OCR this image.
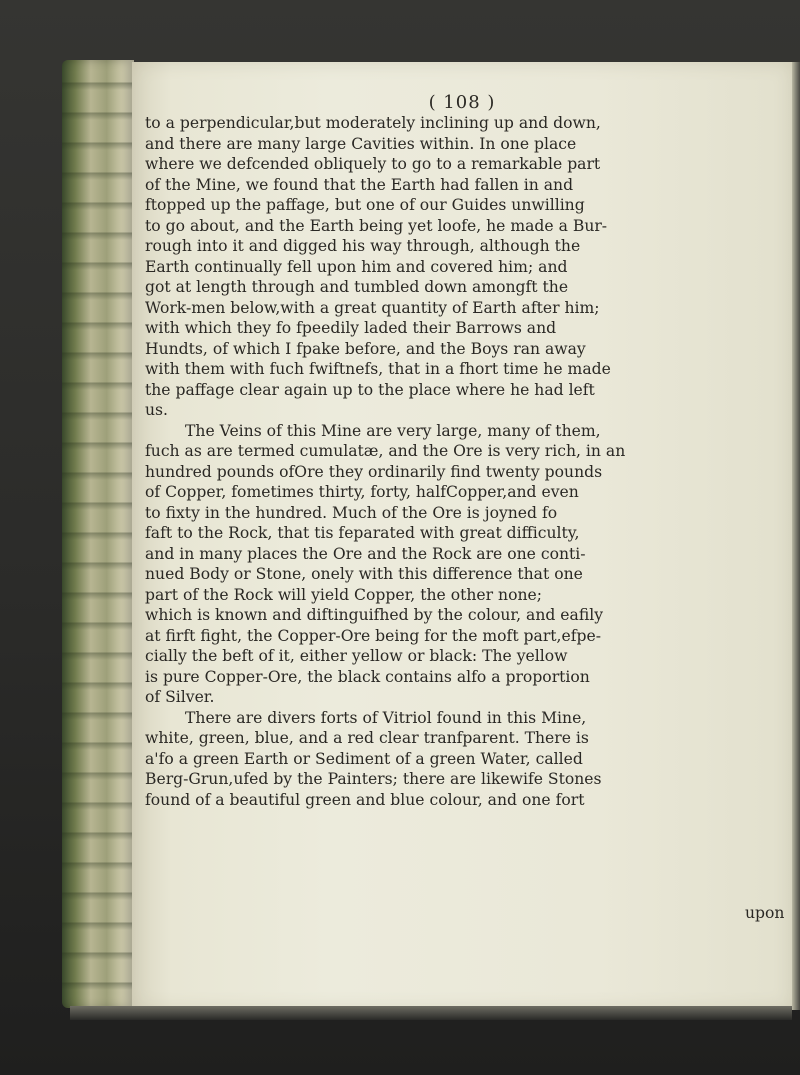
( 108 )
to a perpendicular,but moderately inclining up and down,
and there are many large Cavities within. In one place
where we defcended obliquely to go to a remarkable part
of the Mine, we found that the Earth had fallen in and
ftopped up the paffage, but one of our Guides unwilling
to go about, and the Earth being yet loofe, he made a Bur-
rough into it and digged his way through, although the
Earth continually fell upon him and covered him; and
got at length through and tumbled down amongft the
Work-men below,with a great quantity of Earth after him;
with which they fo fpeedily laded their Barrows and
Hundts, of which I fpake before, and the Boys ran away
with them with fuch fwiftnefs, that in a fhort time he made
the paffage clear again up to the place where he had left
us.
The Veins of this Mine are very large, many of them,
fuch as are termed cumulatæ, and the Ore is very rich, in an
hundred pounds ofOre they ordinarily find twenty pounds
of Copper, fometimes thirty, forty, halfCopper,and even
to fixty in the hundred. Much of the Ore is joyned fo
faft to the Rock, that tis feparated with great difficulty,
and in many places the Ore and the Rock are one conti-
nued Body or Stone, onely with this difference that one
part of the Rock will yield Copper, the other none;
which is known and diftinguifhed by the colour, and eafily
at firft fight, the Copper-Ore being for the moft part,efpe-
cially the beft of it, either yellow or black: The yellow
is pure Copper-Ore, the black contains alfo a proportion
of Silver.
There are divers forts of Vitriol found in this Mine,
white, green, blue, and a red clear tranfparent. There is
a'fo a green Earth or Sediment of a green Water, called
Berg-Grun,ufed by the Painters; there are likewife Stones
found of a beautiful green and blue colour, and one fort
upon
